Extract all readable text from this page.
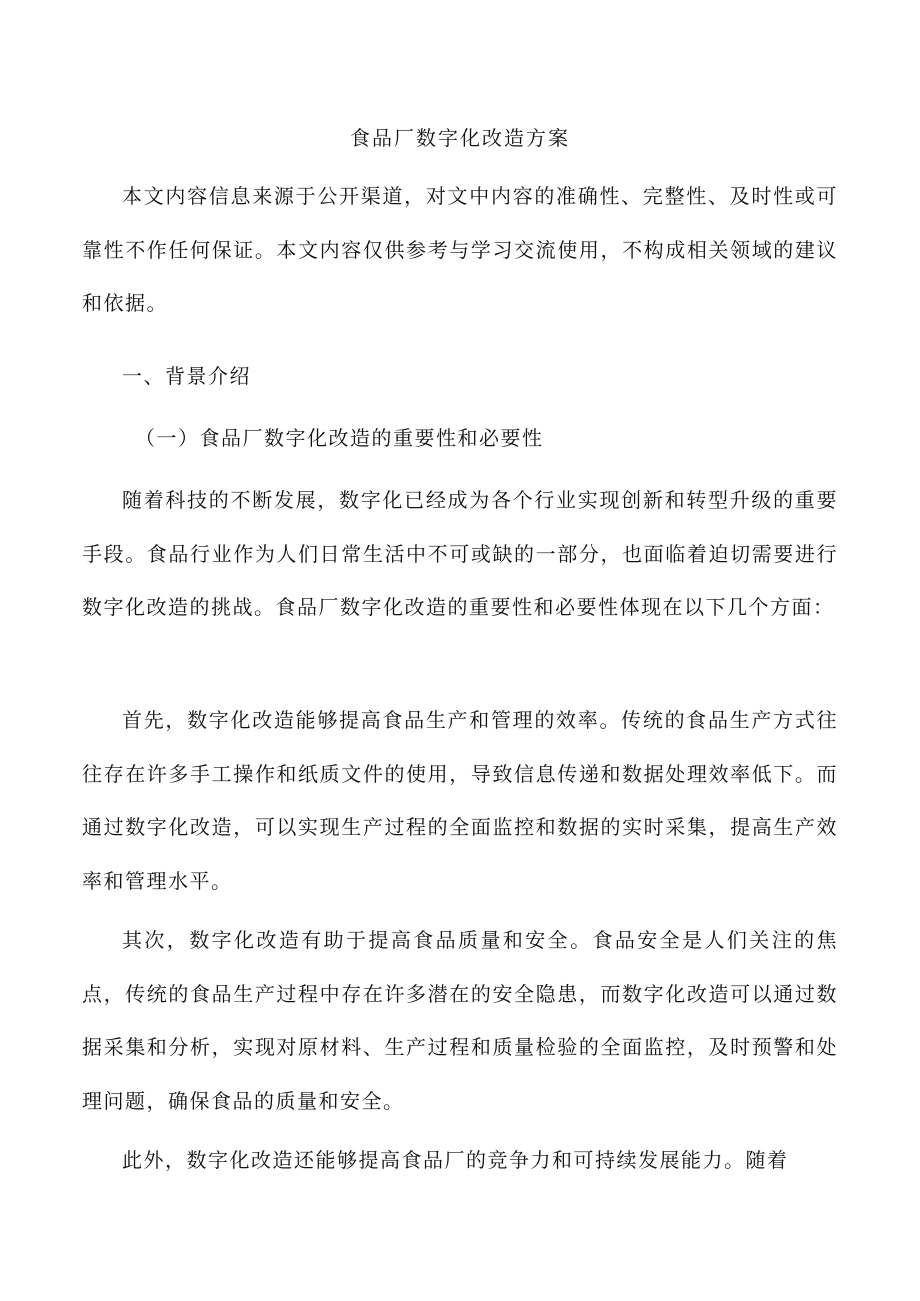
食品厂数字化改造方案

本文内容信息来源于公开渠道，对文中内容的准确性、完整性、及时性或可靠性不作任何保证。本文内容仅供参考与学习交流使用，不构成相关领域的建议和依据。

一、背景介绍
（一）食品厂数字化改造的重要性和必要性

随着科技的不断发展，数字化已经成为各个行业实现创新和转型升级的重要手段。食品行业作为人们日常生活中不可或缺的一部分，也面临着迫切需要进行数字化改造的挑战。食品厂数字化改造的重要性和必要性体现在以下几个方面：

首先，数字化改造能够提高食品生产和管理的效率。传统的食品生产方式往往存在许多手工操作和纸质文件的使用，导致信息传递和数据处理效率低下。而通过数字化改造，可以实现生产过程的全面监控和数据的实时采集，提高生产效率和管理水平。

其次，数字化改造有助于提高食品质量和安全。食品安全是人们关注的焦点，传统的食品生产过程中存在许多潜在的安全隐患，而数字化改造可以通过数据采集和分析，实现对原材料、生产过程和质量检验的全面监控，及时预警和处理问题，确保食品的质量和安全。

此外，数字化改造还能够提高食品厂的竞争力和可持续发展能力。随着
